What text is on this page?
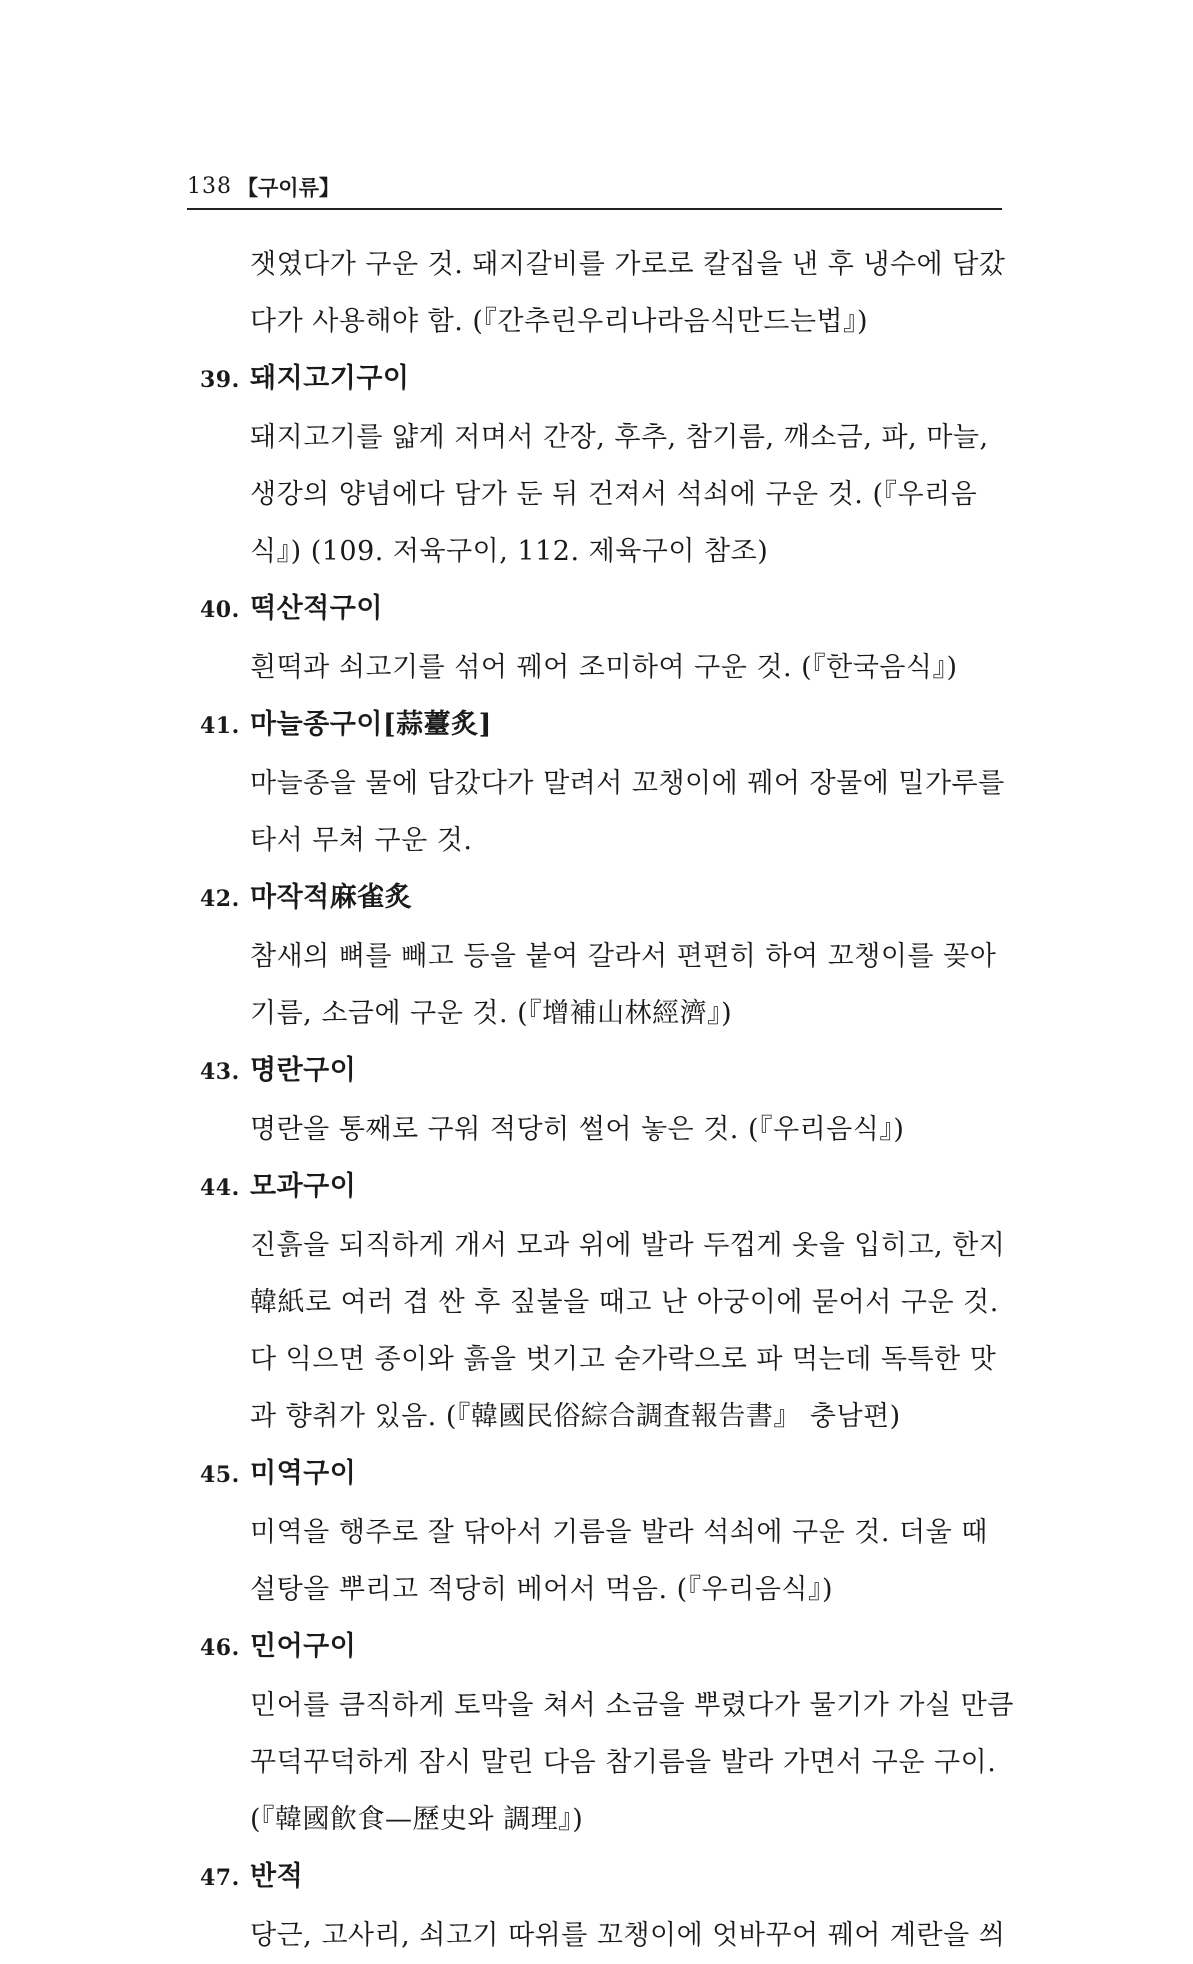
138 【구이류】
잿였다가 구운 것. 돼지갈비를 가로로 칼집을 낸 후 냉수에 담갔
다가 사용해야 함. (『간추린우리나라음식만드는법』)
39. 돼지고기구이
돼지고기를 얇게 저며서 간장, 후추, 참기름, 깨소금, 파, 마늘,
생강의 양념에다 담가 둔 뒤 건져서 석쇠에 구운 것. (『우리음
식』) (109. 저육구이, 112. 제육구이 참조)
40. 떡산적구이
흰떡과 쇠고기를 섞어 꿰어 조미하여 구운 것. (『한국음식』)
41. 마늘종구이[蒜薹炙]
마늘종을 물에 담갔다가 말려서 꼬챙이에 꿰어 장물에 밀가루를
타서 무쳐 구운 것.
42. 마작적麻雀炙
참새의 뼈를 빼고 등을 붙여 갈라서 편편히 하여 꼬챙이를 꽂아
기름, 소금에 구운 것. (『增補山林經濟』)
43. 명란구이
명란을 통째로 구워 적당히 썰어 놓은 것. (『우리음식』)
44. 모과구이
진흙을 되직하게 개서 모과 위에 발라 두껍게 옷을 입히고, 한지
韓紙로 여러 겹 싼 후 짚불을 때고 난 아궁이에 묻어서 구운 것.
다 익으면 종이와 흙을 벗기고 숟가락으로 파 먹는데 독특한 맛
과 향취가 있음. (『韓國民俗綜合調査報告書』 충남편)
45. 미역구이
미역을 행주로 잘 닦아서 기름을 발라 석쇠에 구운 것. 더울 때
설탕을 뿌리고 적당히 베어서 먹음. (『우리음식』)
46. 민어구이
민어를 큼직하게 토막을 쳐서 소금을 뿌렸다가 물기가 가실 만큼
꾸덕꾸덕하게 잠시 말린 다음 참기름을 발라 가면서 구운 구이.
(『韓國飮食—歷史와 調理』)
47. 반적
당근, 고사리, 쇠고기 따위를 꼬챙이에 엇바꾸어 꿰어 계란을 씌
